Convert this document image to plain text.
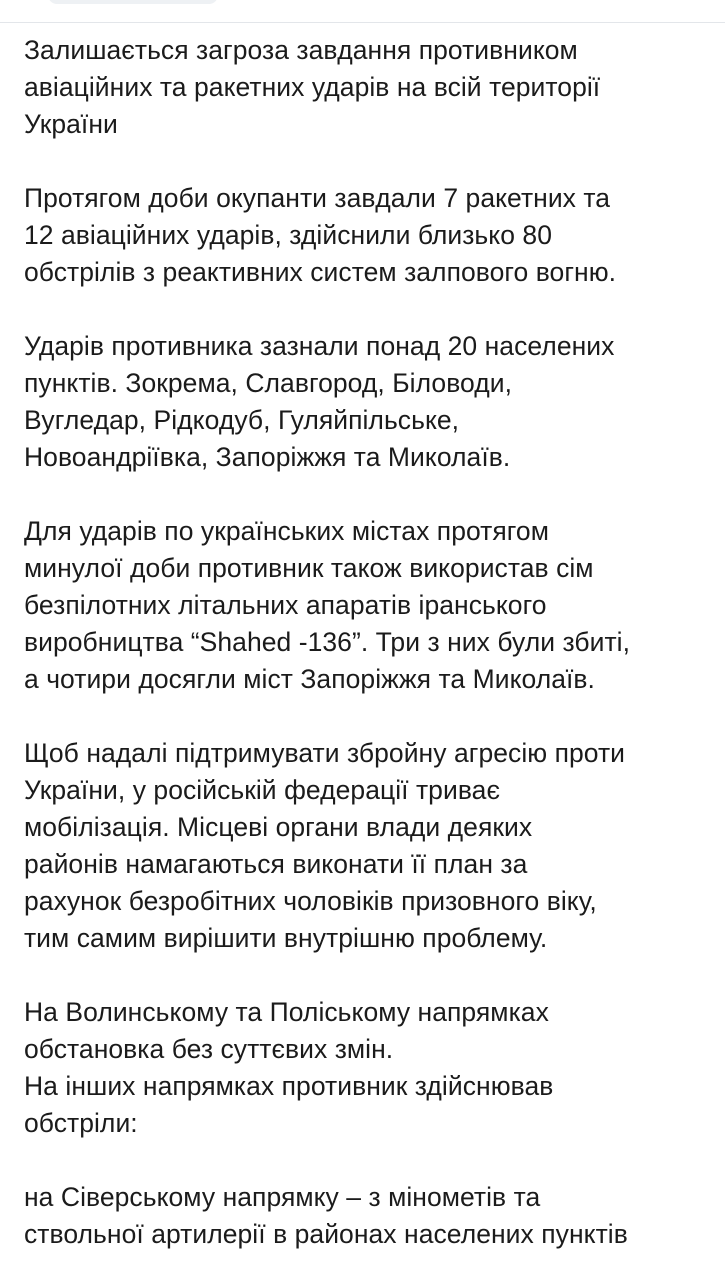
Залишається загроза завдання противником
авіаційних та ракетних ударів на всій території
України

Протягом доби окупанти завдали 7 ракетних та
12 авіаційних ударів, здійснили близько 80
обстрілів з реактивних систем залпового вогню.

Ударів противника зазнали понад 20 населених
пунктів. Зокрема, Славгород, Біловоди,
Вугледар, Рідкодуб, Гуляйпільське,
Новоандріївка, Запоріжжя та Миколаїв.

Для ударів по українських містах протягом
минулої доби противник також використав сім
безпілотних літальних апаратів іранського
виробництва “Shahed -136”. Три з них були збиті,
а чотири досягли міст Запоріжжя та Миколаїв.

Щоб надалі підтримувати збройну агресію проти
України, у російській федерації триває
мобілізація. Місцеві органи влади деяких
районів намагаються виконати її план за
рахунок безробітних чоловіків призовного віку,
тим самим вирішити внутрішню проблему.

На Волинському та Поліському напрямках
обстановка без суттєвих змін.
На інших напрямках противник здійснював
обстріли:

на Сіверському напрямку – з мінометів та
ствольної артилерії в районах населених пунктів
